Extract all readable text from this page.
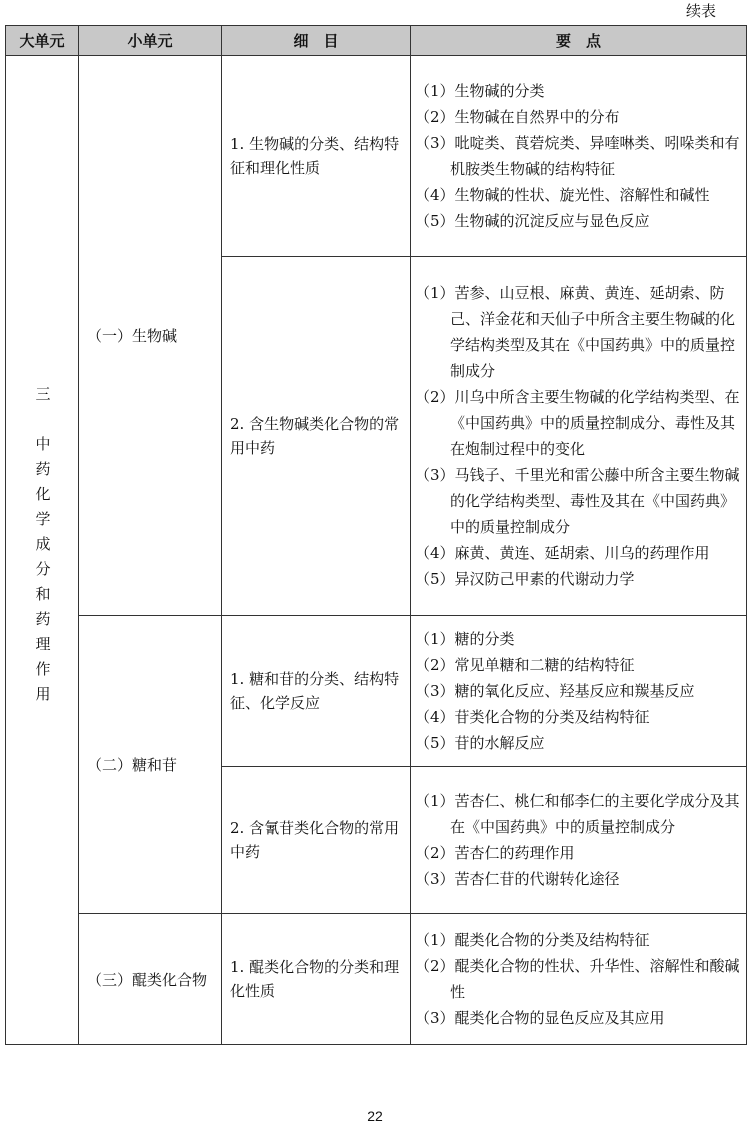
续表
大单元	小单元	细　目	要　点
三　中药化学成分和药理作用	（一）生物碱	1. 生物碱的分类、结构特征和理化性质	（1）生物碱的分类
（2）生物碱在自然界中的分布
（3）吡啶类、莨菪烷类、异喹啉类、吲哚类和有机胺类生物碱的结构特征
（4）生物碱的性状、旋光性、溶解性和碱性
（5）生物碱的沉淀反应与显色反应

		2. 含生物碱类化合物的常用中药	（1）苦参、山豆根、麻黄、黄连、延胡索、防己、洋金花和天仙子中所含主要生物碱的化学结构类型及其在《中国药典》中的质量控制成分
（2）川乌中所含主要生物碱的化学结构类型、在《中国药典》中的质量控制成分、毒性及其在炮制过程中的变化
（3）马钱子、千里光和雷公藤中所含主要生物碱的化学结构类型、毒性及其在《中国药典》中的质量控制成分
（4）麻黄、黄连、延胡索、川乌的药理作用
（5）异汉防己甲素的代谢动力学

	（二）糖和苷	1. 糖和苷的分类、结构特征、化学反应	（1）糖的分类
（2）常见单糖和二糖的结构特征
（3）糖的氧化反应、羟基反应和羰基反应
（4）苷类化合物的分类及结构特征
（5）苷的水解反应

		2. 含氰苷类化合物的常用中药	（1）苦杏仁、桃仁和郁李仁的主要化学成分及其在《中国药典》中的质量控制成分
（2）苦杏仁的药理作用
（3）苦杏仁苷的代谢转化途径

	（三）醌类化合物	1. 醌类化合物的分类和理化性质	（1）醌类化合物的分类及结构特征
（2）醌类化合物的性状、升华性、溶解性和酸碱性
（3）醌类化合物的显色反应及其应用
22
